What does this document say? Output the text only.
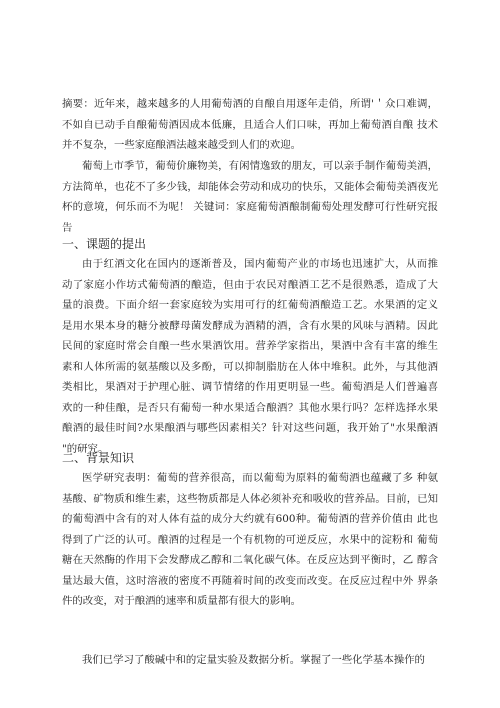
摘要：近年来，越来越多的人用葡萄酒的自酿自用逐年走俏，所谓'＇众口难调，不如自已动手自酿葡萄酒因成本低廉，且适合人们口味，再加上葡萄酒自酿 技术并不复杂，一些家庭酿酒法越来越受到人们的欢迎。

葡萄上市季节，葡萄价廉物美，有闲情逸致的朋友，可以亲手制作葡萄美酒，方法简单，也花不了多少钱，却能体会劳动和成功的快乐，又能体会葡萄美酒夜光 杯的意境，何乐而不为呢！ 关键词：家庭葡萄酒酿制葡萄处理发酵可行性研究报告

一、课题的提出

由于红酒文化在国内的逐渐普及，国内葡萄产业的市场也迅速扩大，从而推 动了家庭小作坊式葡萄酒的酿造，但由于农民对酿酒工艺不是很熟悉，造成了大 量的浪费。下面介绍一套家庭较为实用可行的红葡萄酒酿造工艺。水果酒的定义 是用水果本身的糖分被酵母菌发酵成为酒精的酒，含有水果的风味与酒精。因此 民间的家庭时常会自酿一些水果酒饮用。营养学家指出，果酒中含有丰富的维生 素和人体所需的氨基酸以及多酚，可以抑制脂肪在人体中堆积。此外，与其他酒 类相比，果酒对于护理心脏、调节情绪的作用更明显一些。葡萄酒是人们普遍喜 欢的一种佳酿，是否只有葡萄一种水果适合酿酒？其他水果行吗？怎样选择水果 酿酒的最佳时间?水果酿酒与哪些因素相关？针对这些问题，我开始了"水果酿酒 "的研究。

二、背景知识

医学研究表明：葡萄的营养很高，而以葡萄为原料的葡萄酒也蕴藏了多 种氨基酸、矿物质和维生素，这些物质都是人体必须补充和吸收的营养品。目前，已知的葡萄酒中含有的对人体有益的成分大约就有600种。葡萄酒的营养价值由 此也得到了广泛的认可。酿酒的过程是一个有机物的可逆反应，水果中的淀粉和 葡萄糖在天然酶的作用下会发酵成乙醇和二氧化碳气体。在反应达到平衡时，乙 醇含量达最大值，这时溶液的密度不再随着时间的改变而改变。在反应过程中外 界条件的改变，对于酿酒的速率和质量都有很大的影响。

我们已学习了酸碱中和的定量实验及数据分析。掌握了一些化学基本操作的
